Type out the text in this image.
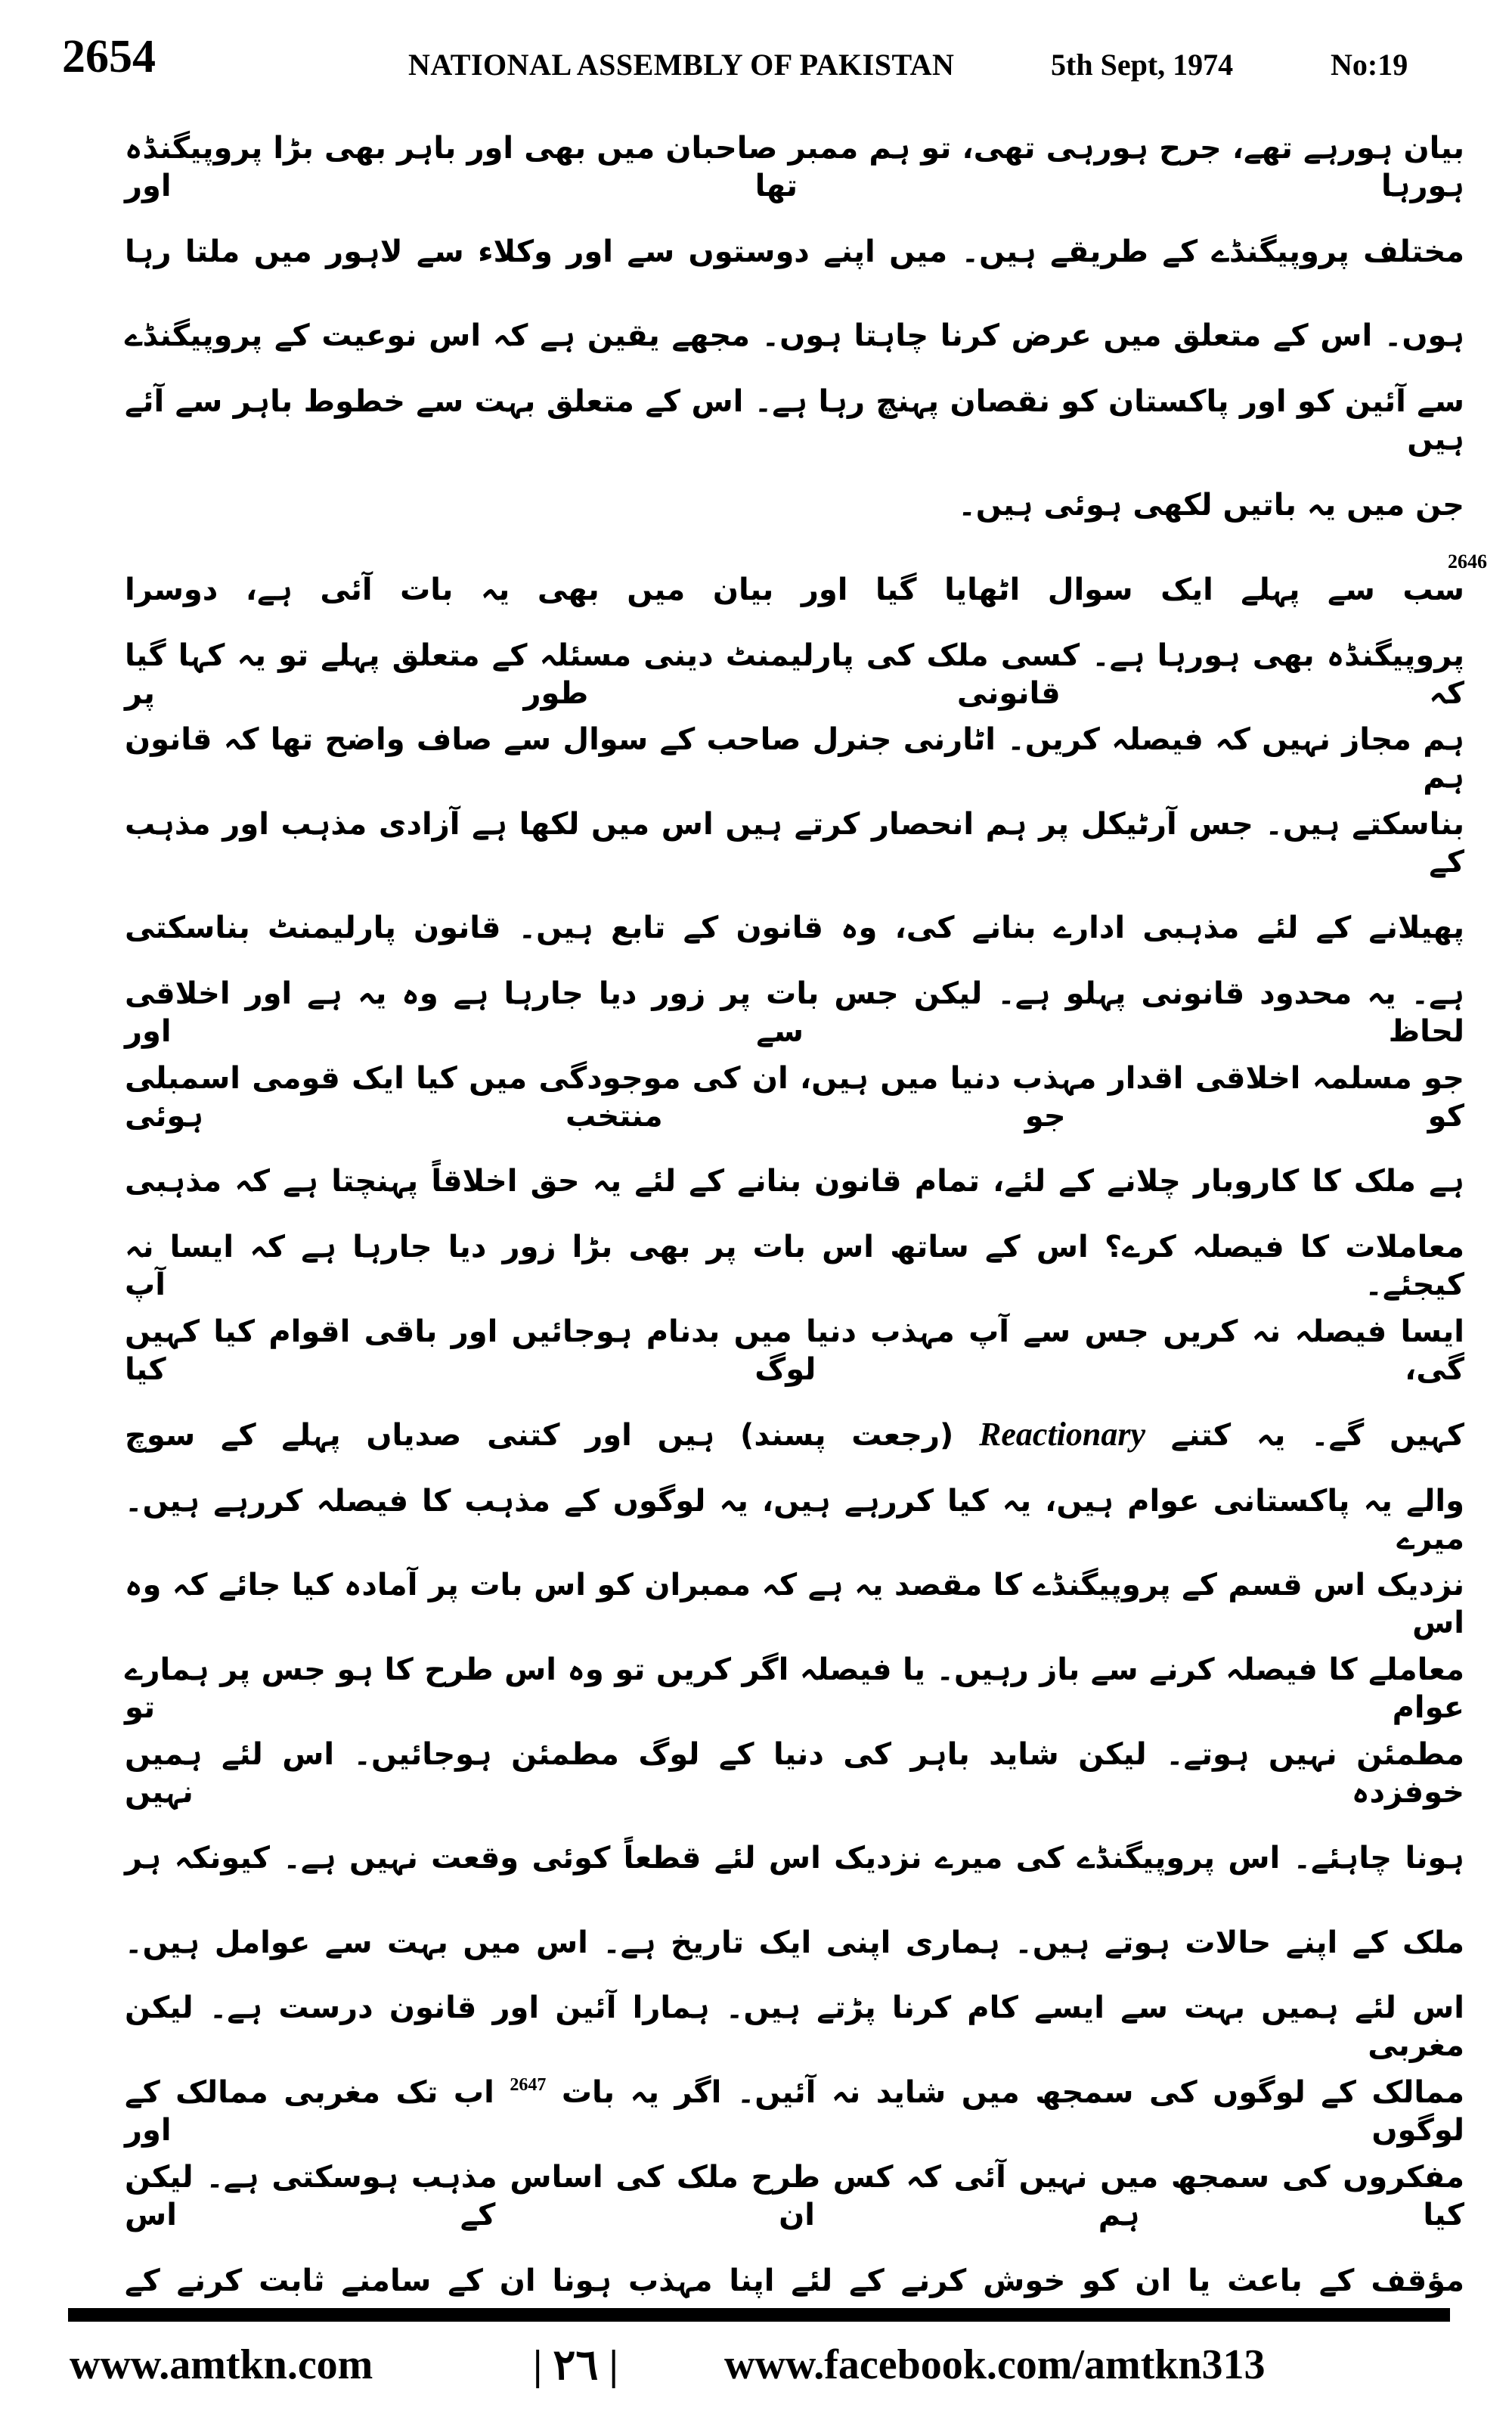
2654	NATIONAL ASSEMBLY OF PAKISTAN	5th Sept, 1974	No:19
بیان ہورہے تھے، جرح ہورہی تھی، تو ہم ممبر صاحبان میں بھی اور باہر بھی بڑا پروپیگنڈہ ہورہا تھا اور
مختلف پروپیگنڈے کے طریقے ہیں۔ میں اپنے دوستوں سے اور وکلاء سے لاہور میں ملتا رہا
ہوں۔ اس کے متعلق میں عرض کرنا چاہتا ہوں۔ مجھے یقین ہے کہ اس نوعیت کے پروپیگنڈے
سے آئین کو اور پاکستان کو نقصان پہنچ رہا ہے۔ اس کے متعلق بہت سے خطوط باہر سے آئے ہیں
جن میں یہ باتیں لکھی ہوئی ہیں۔
2646
سب سے پہلے ایک سوال اٹھایا گیا اور بیان میں بھی یہ بات آئی ہے، دوسرا
پروپیگنڈہ بھی ہورہا ہے۔ کسی ملک کی پارلیمنٹ دینی مسئلہ کے متعلق پہلے تو یہ کہا گیا کہ قانونی طور پر
ہم مجاز نہیں کہ فیصلہ کریں۔ اٹارنی جنرل صاحب کے سوال سے صاف واضح تھا کہ قانون ہم
بناسکتے ہیں۔ جس آرٹیکل پر ہم انحصار کرتے ہیں اس میں لکھا ہے آزادی مذہب اور مذہب کے
پھیلانے کے لئے مذہبی ادارے بنانے کی، وہ قانون کے تابع ہیں۔ قانون پارلیمنٹ بناسکتی
ہے۔ یہ محدود قانونی پہلو ہے۔ لیکن جس بات پر زور دیا جارہا ہے وہ یہ ہے اور اخلاقی لحاظ سے اور
جو مسلمہ اخلاقی اقدار مہذب دنیا میں ہیں، ان کی موجودگی میں کیا ایک قومی اسمبلی کو جو منتخب ہوئی
ہے ملک کا کاروبار چلانے کے لئے، تمام قانون بنانے کے لئے یہ حق اخلاقاً پہنچتا ہے کہ مذہبی
معاملات کا فیصلہ کرے؟ اس کے ساتھ اس بات پر بھی بڑا زور دیا جارہا ہے کہ ایسا نہ کیجئے۔ آپ
ایسا فیصلہ نہ کریں جس سے آپ مہذب دنیا میں بدنام ہوجائیں اور باقی اقوام کیا کہیں گی، لوگ کیا
کہیں گے۔ یہ کتنے Reactionary (رجعت پسند) ہیں اور کتنی صدیاں پہلے کے سوچ
والے یہ پاکستانی عوام ہیں، یہ کیا کررہے ہیں، یہ لوگوں کے مذہب کا فیصلہ کررہے ہیں۔ میرے
نزدیک اس قسم کے پروپیگنڈے کا مقصد یہ ہے کہ ممبران کو اس بات پر آمادہ کیا جائے کہ وہ اس
معاملے کا فیصلہ کرنے سے باز رہیں۔ یا فیصلہ اگر کریں تو وہ اس طرح کا ہو جس پر ہمارے عوام تو
مطمئن نہیں ہوتے۔ لیکن شاید باہر کی دنیا کے لوگ مطمئن ہوجائیں۔ اس لئے ہمیں خوفزدہ نہیں
ہونا چاہئے۔ اس پروپیگنڈے کی میرے نزدیک اس لئے قطعاً کوئی وقعت نہیں ہے۔ کیونکہ ہر
ملک کے اپنے حالات ہوتے ہیں۔ ہماری اپنی ایک تاریخ ہے۔ اس میں بہت سے عوامل ہیں۔
اس لئے ہمیں بہت سے ایسے کام کرنا پڑتے ہیں۔ ہمارا آئین اور قانون درست ہے۔ لیکن مغربی
ممالک کے لوگوں کی سمجھ میں شاید نہ آئیں۔ اگر یہ بات $^{2647}$ اب تک مغربی ممالک کے لوگوں اور
مفکروں کی سمجھ میں نہیں آئی کہ کس طرح ملک کی اساس مذہب ہوسکتی ہے۔ لیکن کیا ہم ان کے اس
مؤقف کے باعث یا ان کو خوش کرنے کے لئے اپنا مہذب ہونا ان کے سامنے ثابت کرنے کے
www.amtkn.com	| ٢٦ |	www.facebook.com/amtkn313
